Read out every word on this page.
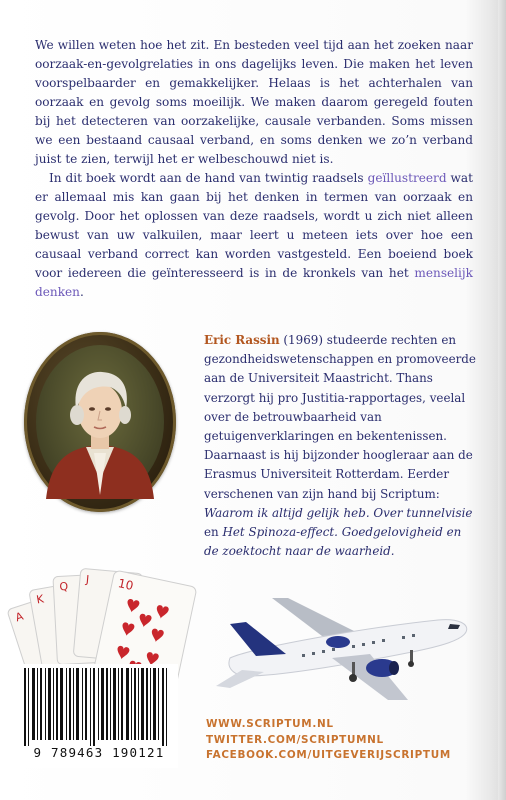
We willen weten hoe het zit. En besteden veel tijd aan het zoeken naar oorzaak-en-gevolgrelaties in ons dagelijks leven. Die maken het leven voorspelbaarder en gemakkelijker. Helaas is het achterhalen van oorzaak en gevolg soms moeilijk. We maken daarom geregeld fouten bij het detecteren van oorzakelijke, causale verbanden. Soms missen we een bestaand causaal verband, en soms denken we zo’n verband juist te zien, terwijl het er welbeschouwd niet is.

In dit boek wordt aan de hand van twintig raadsels geïllustreerd wat er allemaal mis kan gaan bij het denken in termen van oorzaak en gevolg. Door het oplossen van deze raadsels, wordt u zich niet alleen bewust van uw valkuilen, maar leert u meteen iets over hoe een causaal verband correct kan worden vastgesteld. Een boeiend boek voor iedereen die geïnteresseerd is in de kronkels van het menselijk denken.

Eric Rassin (1969) studeerde rechten en gezondheidswetenschappen en promoveerde aan de Universiteit Maastricht. Thans verzorgt hij pro Justitia-rapportages, veelal over de betrouwbaarheid van getuigenverklaringen en bekentenissen. Daarnaast is hij bijzonder hoogleraar aan de Erasmus Universiteit Rotterdam. Eerder verschenen van zijn hand bij Scriptum: Waarom ik altijd gelijk heb. Over tunnelvisie en Het Spinoza-effect. Goedgelovigheid en de zoektocht naar de waarheid.
A
K
Q
J 10
9 789463 190121
WWW.SCRIPTUM.NL
TWITTER.COM/SCRIPTUMNL
FACEBOOK.COM/UITGEVERIJSCRIPTUM
